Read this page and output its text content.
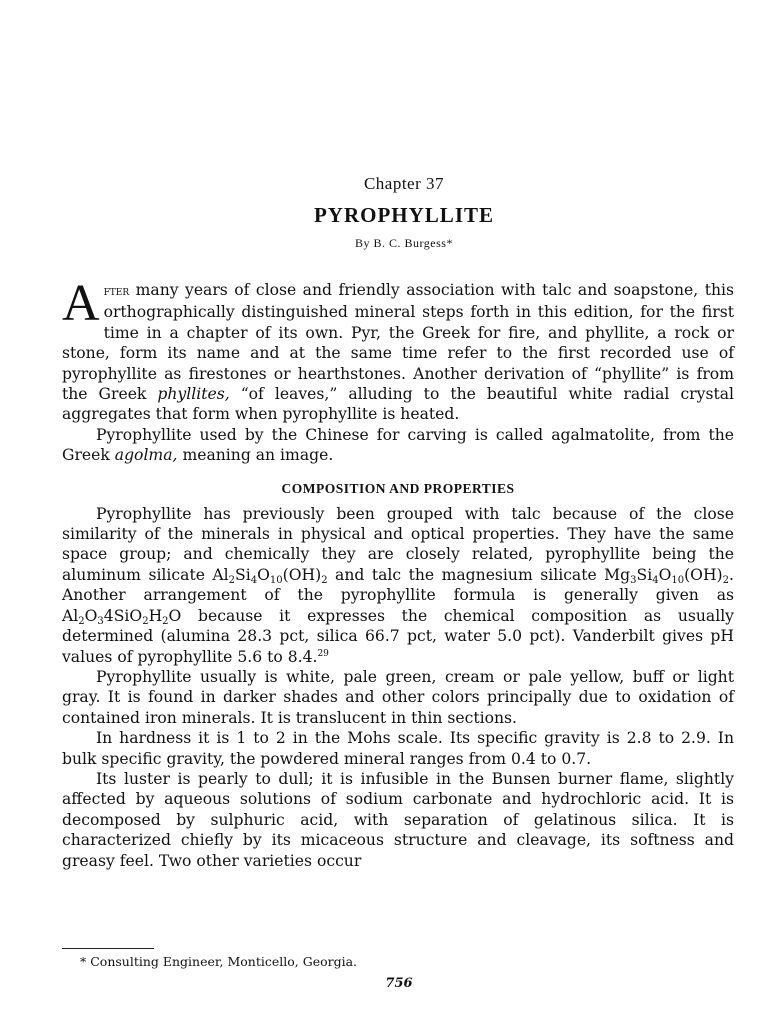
Chapter 37
PYROPHYLLITE
By B. C. Burgess*

After many years of close and friendly association with talc and soapstone, this orthographically distinguished mineral steps forth in this edition, for the first time in a chapter of its own. Pyr, the Greek for fire, and phyllite, a rock or stone, form its name and at the same time refer to the first recorded use of pyrophyllite as firestones or hearthstones. Another derivation of “phyllite” is from the Greek phyllites, “of leaves,” alluding to the beautiful white radial crystal aggregates that form when pyrophyllite is heated.

Pyrophyllite used by the Chinese for carving is called agalmatolite, from the Greek agolma, meaning an image.

COMPOSITION AND PROPERTIES

Pyrophyllite has previously been grouped with talc because of the close similarity of the minerals in physical and optical properties. They have the same space group; and chemically they are closely related, pyrophyllite being the aluminum silicate $Al_2Si_4O_{10}(OH)_2$ and talc the magnesium silicate $Mg_3Si_4O_{10}(OH)_2$. Another arrangement of the pyrophyllite formula is generally given as $Al_2O_34SiO_2H_2O$ because it expresses the chemical composition as usually determined (alumina 28.3 pct, silica 66.7 pct, water 5.0 pct). Vanderbilt gives pH values of pyrophyllite 5.6 to 8.4.29

Pyrophyllite usually is white, pale green, cream or pale yellow, buff or light gray. It is found in darker shades and other colors principally due to oxidation of contained iron minerals. It is translucent in thin sections.

In hardness it is 1 to 2 in the Mohs scale. Its specific gravity is 2.8 to 2.9. In bulk specific gravity, the powdered mineral ranges from 0.4 to 0.7.

Its luster is pearly to dull; it is infusible in the Bunsen burner flame, slightly affected by aqueous solutions of sodium carbonate and hydrochloric acid. It is decomposed by sulphuric acid, with separation of gelatinous silica. It is characterized chiefly by its micaceous structure and cleavage, its softness and greasy feel. Two other varieties occur

* Consulting Engineer, Monticello, Georgia.
756
